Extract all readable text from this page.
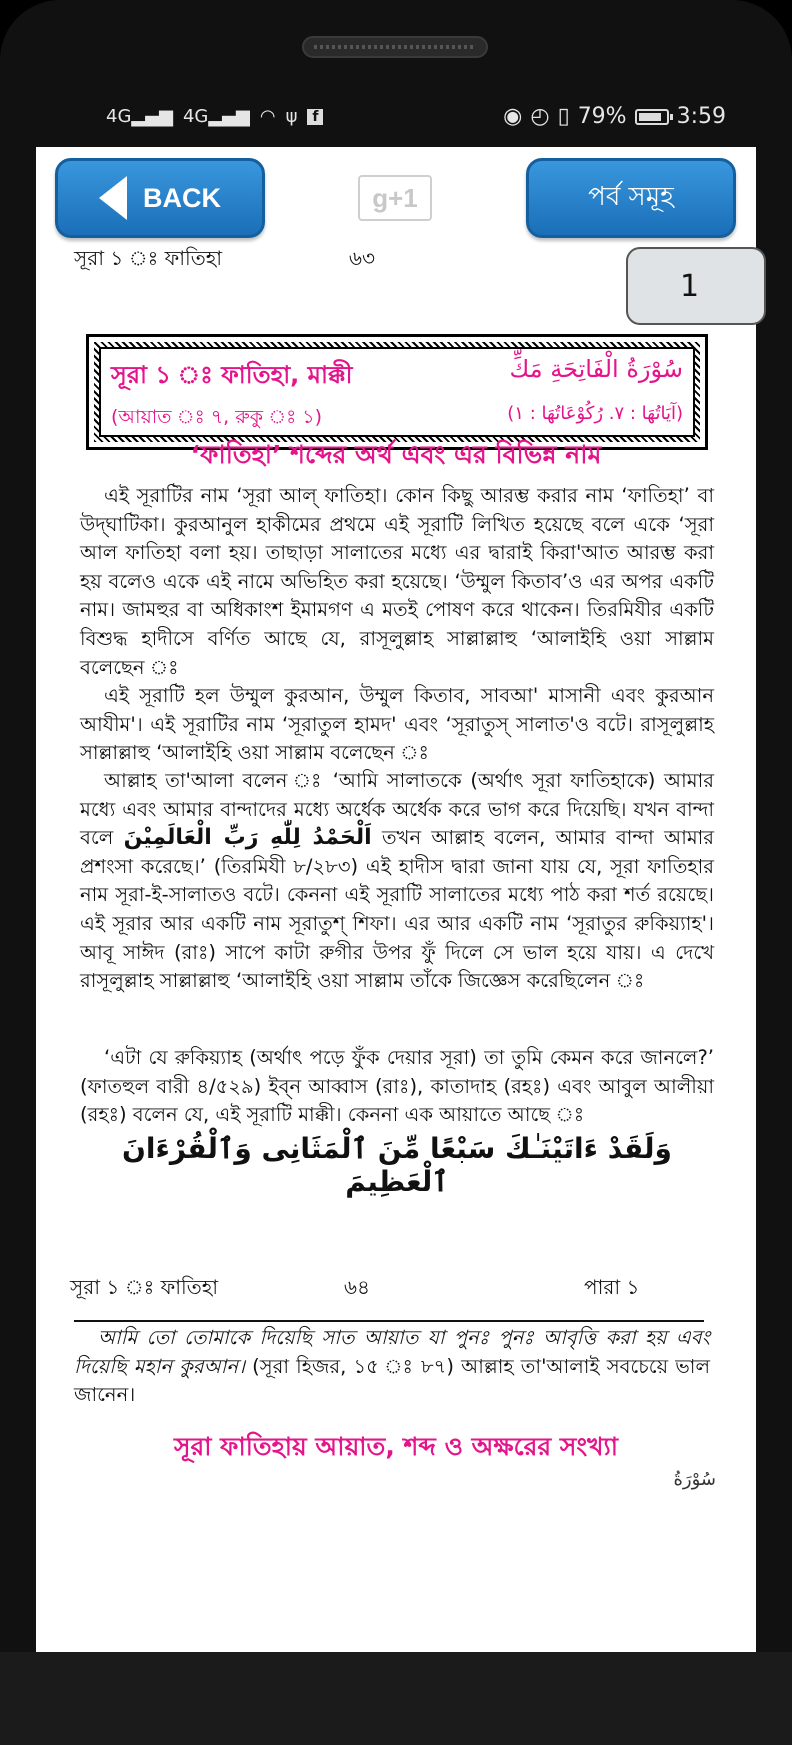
4G▂▄▆ 4G▂▄▆ ◠ ψ	f	◉ ◴ ▯ 79% 3:59
BACK	g+1	পর্ব সমূহ
1
সূরা ১ ঃ ফাতিহা	৬৩
সূরা ১ ঃ ফাতিহা, মাক্কী	سُوْرَةُ الْفَاتِحَةِ مَكِّ
(আয়াত ঃ ৭, রুকু ঃ ১)	(آيَاتُهَا : ٧. رُكُوْعَاتُهَا : ١)
‘ফাতিহা’ শব্দের অর্থ এবং এর বিভিন্ন নাম
এই সূরাটির নাম ‘সূরা আল্ ফাতিহা। কোন কিছু আরম্ভ করার নাম ‘ফাতিহা’ বা উদ্‌ঘাটিকা। কুরআনুল হাকীমের প্রথমে এই সূরাটি লিখিত হয়েছে বলে একে ‘সূরা আল ফাতিহা বলা হয়। তাছাড়া সালাতের মধ্যে এর দ্বারাই কিরা'আত আরম্ভ করা হয় বলেও একে এই নামে অভিহিত করা হয়েছে। ‘উম্মুল কিতাব’ও এর অপর একটি নাম। জামহুর বা অধিকাংশ ইমামগণ এ মতই পোষণ করে থাকেন। তিরমিযীর একটি বিশুদ্ধ হাদীসে বর্ণিত আছে যে, রাসূলুল্লাহ সাল্লাল্লাহু ‘আলাইহি ওয়া সাল্লাম বলেছেন ঃ
এই সূরাটি হল উম্মুল কুরআন, উম্মুল কিতাব, সাবআ' মাসানী এবং কুরআন আযীম'। এই সূরাটির নাম ‘সূরাতুল হামদ' এবং ‘সূরাতুস্‌ সালাত'ও বটে। রাসূলুল্লাহ সাল্লাল্লাহু ‘আলাইহি ওয়া সাল্লাম বলেছেন ঃ
আল্লাহ তা'আলা বলেন ঃ ‘আমি সালাতকে (অর্থাৎ সূরা ফাতিহাকে) আমার মধ্যে এবং আমার বান্দাদের মধ্যে অর্ধেক অর্ধেক করে ভাগ করে দিয়েছি। যখন বান্দা বলে اَلْحَمْدُ لِلّٰهِ رَبِّ الْعَالَمِيْنَ তখন আল্লাহ বলেন, আমার বান্দা আমার প্রশংসা করেছে।’ (তিরমিযী ৮/২৮৩) এই হাদীস দ্বারা জানা যায় যে, সূরা ফাতিহার নাম সূরা-ই-সালাতও বটে। কেননা এই সূরাটি সালাতের মধ্যে পাঠ করা শর্ত রয়েছে। এই সূরার আর একটি নাম সূরাতুশ্‌ শিফা। এর আর একটি নাম ‘সূরাতুর রুকিয়্যাহ'। আবূ সাঈদ (রাঃ) সাপে কাটা রুগীর উপর ফুঁ দিলে সে ভাল হয়ে যায়। এ দেখে রাসূলুল্লাহ সাল্লাল্লাহু ‘আলাইহি ওয়া সাল্লাম তাঁকে জিজ্ঞেস করেছিলেন ঃ
‘এটা যে রুকিয়্যাহ (অর্থাৎ পড়ে ফুঁক দেয়ার সূরা) তা তুমি কেমন করে জানলে?’ (ফাতহুল বারী ৪/৫২৯) ইব্‌ন আব্বাস (রাঃ), কাতাদাহ (রহঃ) এবং আবুল আলীয়া (রহঃ) বলেন যে, এই সূরাটি মাক্কী। কেননা এক আয়াতে আছে ঃ
وَلَقَدْ ءَاتَيْنَـٰكَ سَبْعًا مِّنَ ٱلْمَثَانِى وَٱلْقُرْءَانَ ٱلْعَظِيمَ
সূরা ১ ঃ ফাতিহা	৬৪	পারা ১
আমি তো তোমাকে দিয়েছি সাত আয়াত যা পুনঃ পুনঃ আবৃত্তি করা হয় এবং দিয়েছি মহান কুরআন। (সূরা হিজর, ১৫ ঃ ৮৭) আল্লাহ তা'আলাই সবচেয়ে ভাল জানেন।
সূরা ফাতিহায় আয়াত, শব্দ ও অক্ষরের সংখ্যা
سُوْرَةُ
